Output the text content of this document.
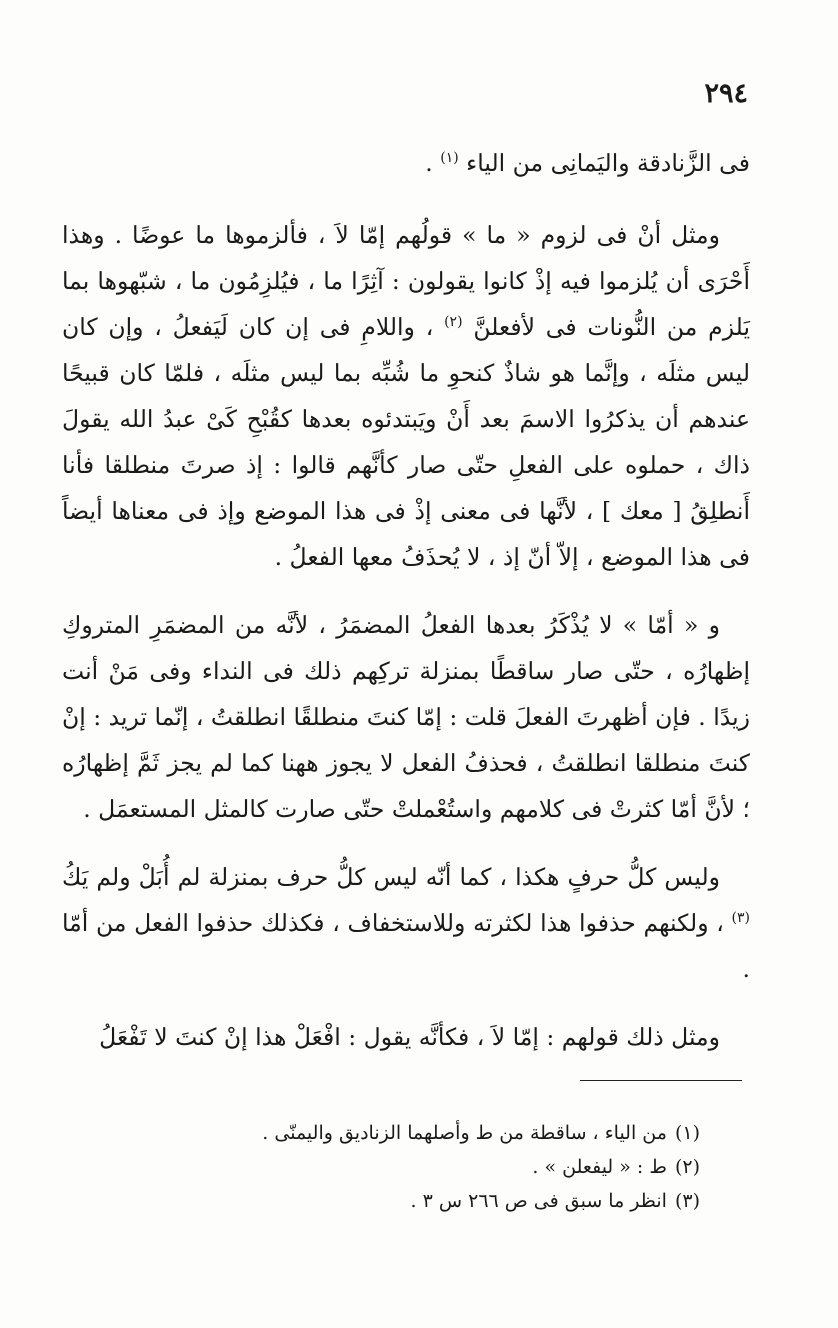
٢٩٤

فى الزَّنادقة واليَمانِى من الياء $^{(١)}$ .

ومثل أنْ فى لزوم « ما » قولُهم إمّا لاَ ، فألزموها ما عوضًا . وهذا أَحْرَى أن يُلزموا فيه إذْ كانوا يقولون : آثِرًا ما ، فيُلزِمُون ما ، شبّهوها بما يَلزم من النُّونات فى لأفعلنَّ $^{(٢)}$ ، واللامِ فى إن كان لَيَفعلُ ، وإن كان ليس مثلَه ، وإنَّما هو شاذٌ كنحوِ ما شُبِّه بما ليس مثلَه ، فلمّا كان قبيحًا عندهم أن يذكرُوا الاسمَ بعد أَنْ ويَبتدئوه بعدها كقُبْحِ كَىْ عبدُ الله يقولَ ذاك ، حملوه على الفعلِ حتّى صار كأنَّهم قالوا : إذ صرتَ منطلقا فأنا أَنطلِقُ [ معك ] ، لأنَّها فى معنى إذْ فى هذا الموضع وإذ فى معناها أيضاً فى هذا الموضع ، إلاّ أنّ إذ ، لا يُحذَفُ معها الفعلُ .

و « أمّا » لا يُذْكَرُ بعدها الفعلُ المضمَرُ ، لأنَّه من المضمَرِ المتروكِ إظهارُه ، حتّى صار ساقطًا بمنزلة تركِهم ذلك فى النداء وفى مَنْ أنت زيدًا . فإن أظهرتَ الفعلَ قلت : إمّا كنتَ منطلقًا انطلقتُ ، إنّما تريد : إنْ كنتَ منطلقا انطلقتُ ، فحذفُ الفعل لا يجوز ههنا كما لم يجز ثَمَّ إظهارُه ؛ لأنَّ أمّا كثرتْ فى كلامهم واستُعْملتْ حتّى صارت كالمثل المستعمَل .

وليس كلُّ حرفٍ هكذا ، كما أنّه ليس كلُّ حرف بمنزلة لم أُبَلْ ولم يَكُ $^{(٣)}$ ، ولكنهم حذفوا هذا لكثرته وللاستخفاف ، فكذلك حذفوا الفعل من أمّا .

ومثل ذلك قولهم : إمّا لاَ ، فكأنَّه يقول : افْعَلْ هذا إنْ كنتَ لا تَفْعَلُ

(١)من الياء ، ساقطة من ط وأصلهما الزناديق واليمنّى .
(٢)ط : « ليفعلن » .
(٣)انظر ما سبق فى ص ٢٦٦ س ٣ .
